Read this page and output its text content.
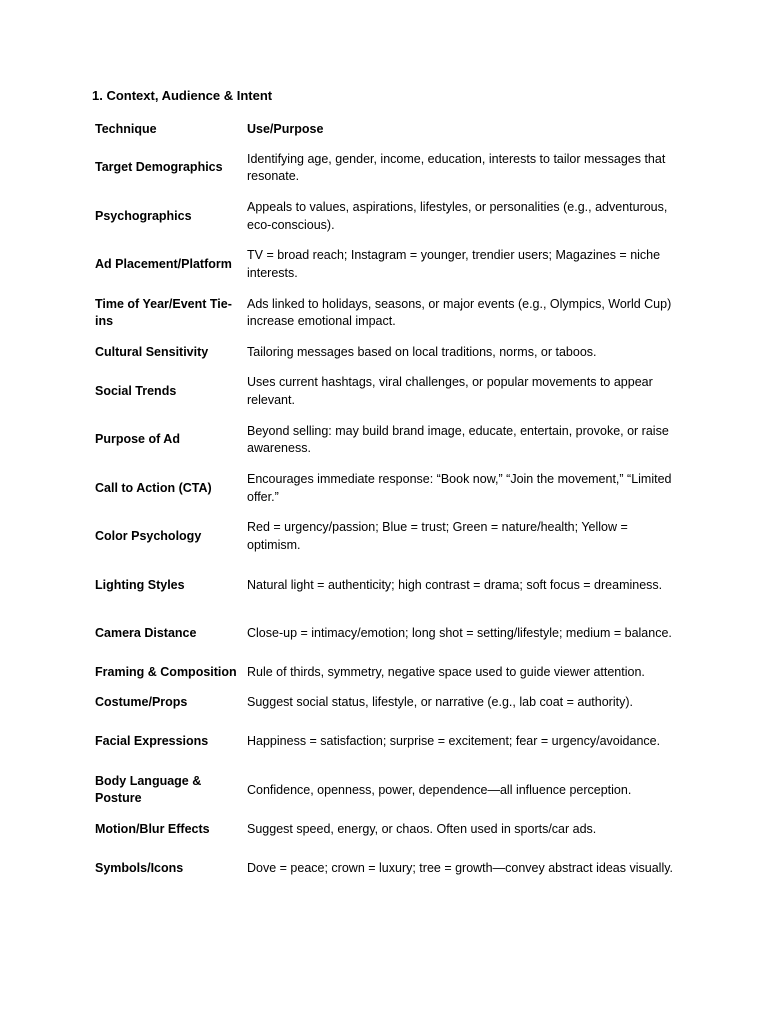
1. Context, Audience & Intent
Technique	Use/Purpose
Target Demographics	Identifying age, gender, income, education, interests to tailor messages that resonate.
Psychographics	Appeals to values, aspirations, lifestyles, or personalities (e.g., adventurous, eco-conscious).
Ad Placement/Platform	TV = broad reach; Instagram = younger, trendier users; Magazines = niche interests.
Time of Year/Event Tie-ins	Ads linked to holidays, seasons, or major events (e.g., Olympics, World Cup) increase emotional impact.
Cultural Sensitivity	Tailoring messages based on local traditions, norms, or taboos.
Social Trends	Uses current hashtags, viral challenges, or popular movements to appear relevant.
Purpose of Ad	Beyond selling: may build brand image, educate, entertain, provoke, or raise awareness.
Call to Action (CTA)	Encourages immediate response: “Book now,” “Join the movement,” “Limited offer.”
Color Psychology	Red = urgency/passion; Blue = trust; Green = nature/health; Yellow = optimism.
Lighting Styles	Natural light = authenticity; high contrast = drama; soft focus = dreaminess.
Camera Distance	Close-up = intimacy/emotion; long shot = setting/lifestyle; medium = balance.
Framing & Composition	Rule of thirds, symmetry, negative space used to guide viewer attention.
Costume/Props	Suggest social status, lifestyle, or narrative (e.g., lab coat = authority).
Facial Expressions	Happiness = satisfaction; surprise = excitement; fear = urgency/avoidance.
Body Language & Posture	Confidence, openness, power, dependence—all influence perception.
Motion/Blur Effects	Suggest speed, energy, or chaos. Often used in sports/car ads.
Symbols/Icons	Dove = peace; crown = luxury; tree = growth—convey abstract ideas visually.
